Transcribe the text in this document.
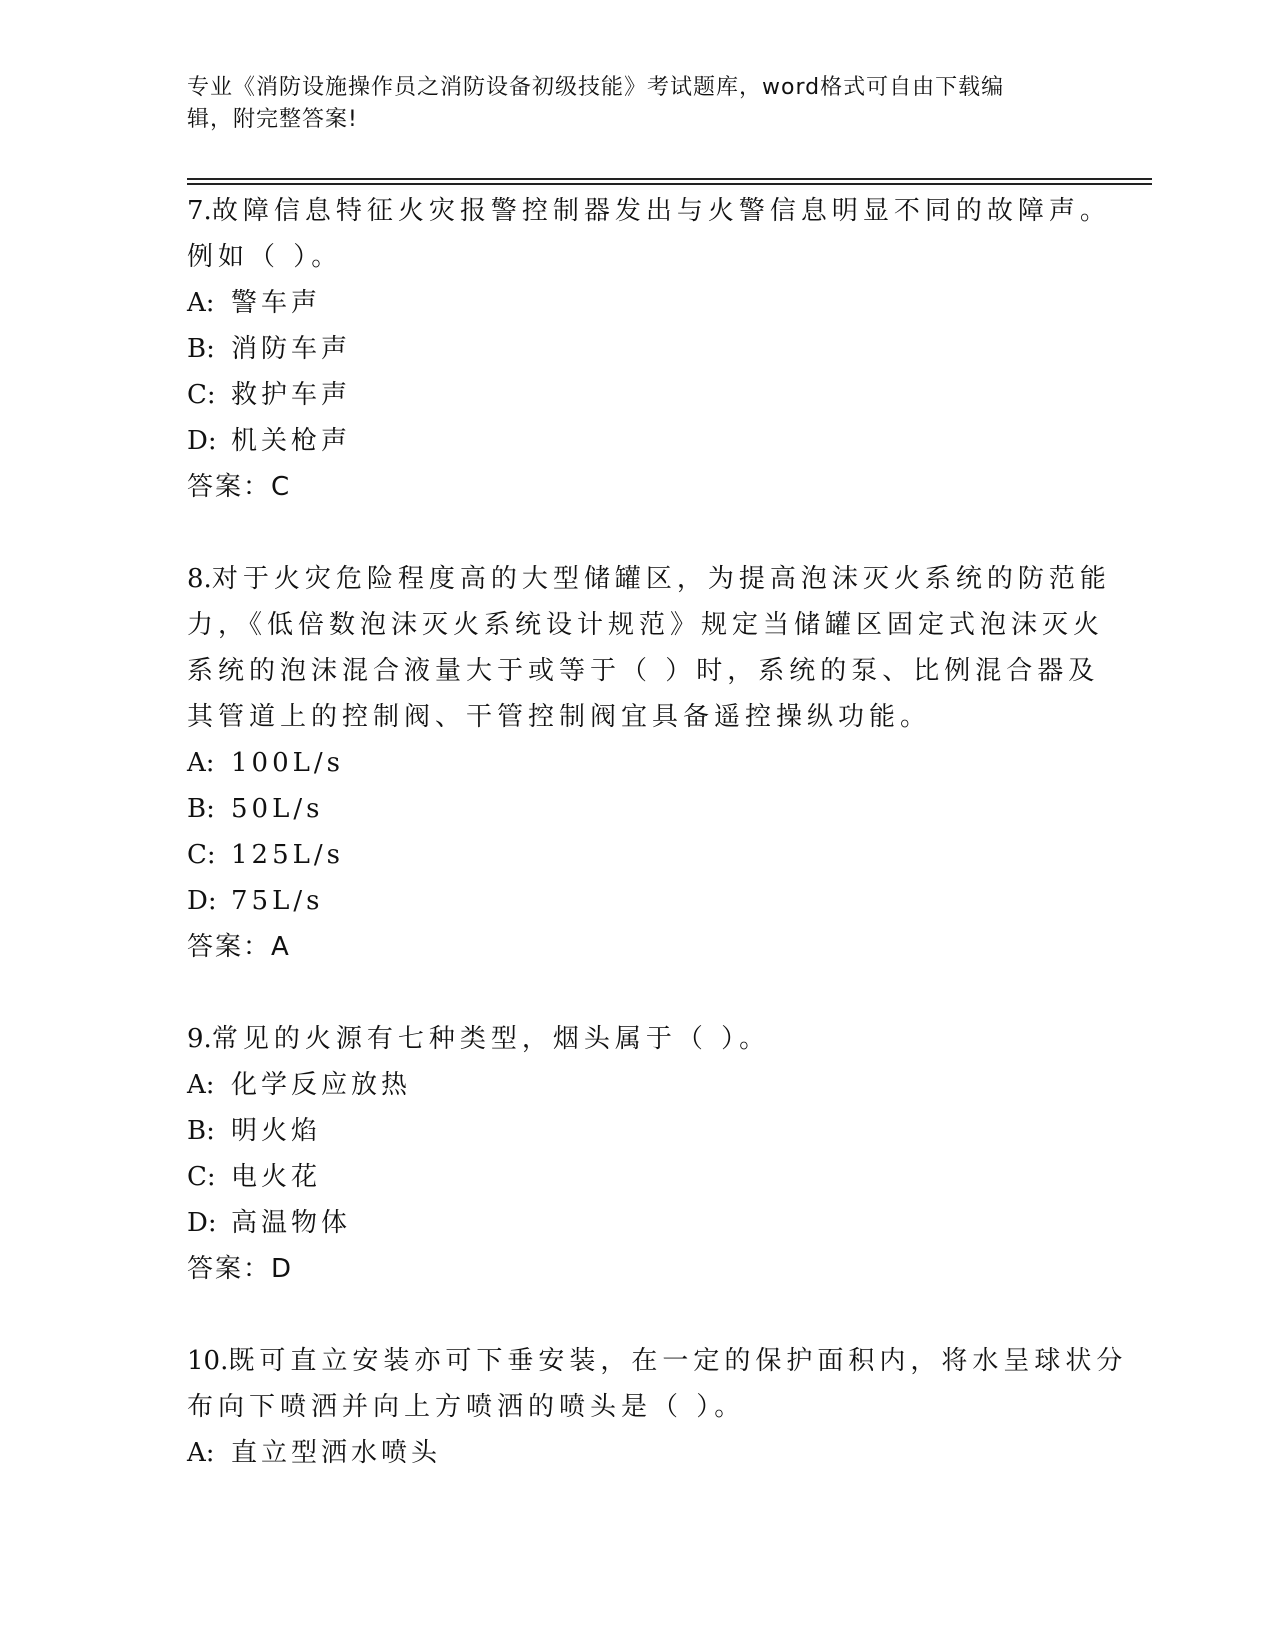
专业《消防设施操作员之消防设备初级技能》考试题库，word格式可自由下载编
辑，附完整答案!
7.故障信息特征火灾报警控制器发出与火警信息明显不同的故障声。
例如（ ）。
A: 警车声
B: 消防车声
C: 救护车声
D: 机关枪声
答案：C
8.对于火灾危险程度高的大型储罐区，为提高泡沫灭火系统的防范能
力，《低倍数泡沫灭火系统设计规范》规定当储罐区固定式泡沫灭火
系统的泡沫混合液量大于或等于（ ）时，系统的泵、比例混合器及
其管道上的控制阀、干管控制阀宜具备遥控操纵功能。
A: 100L/s
B: 50L/s
C: 125L/s
D: 75L/s
答案：A
9.常见的火源有七种类型，烟头属于（ ）。
A: 化学反应放热
B: 明火焰
C: 电火花
D: 高温物体
答案：D
10.既可直立安装亦可下垂安装，在一定的保护面积内，将水呈球状分
布向下喷洒并向上方喷洒的喷头是（ ）。
A: 直立型洒水喷头
